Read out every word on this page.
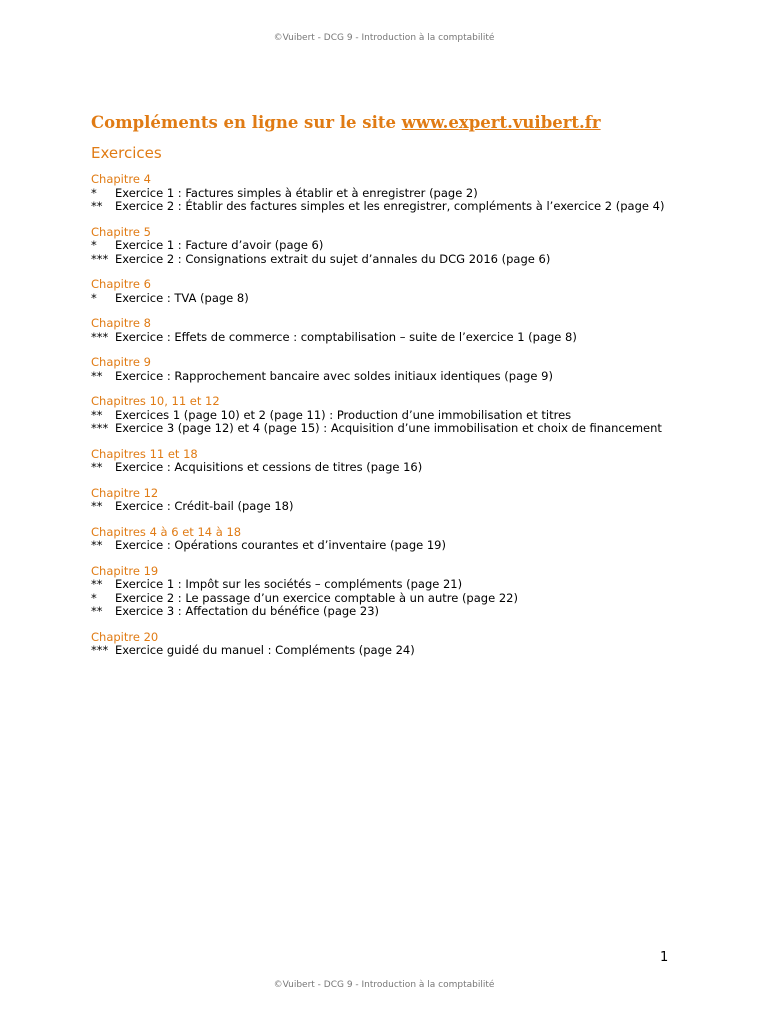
©Vuibert - DCG 9 - Introduction à la comptabilité
Compléments en ligne sur le site www.expert.vuibert.fr
Exercices
Chapitre 4
*	Exercice 1 : Factures simples à établir et à enregistrer (page 2)
**	Exercice 2 : Établir des factures simples et les enregistrer, compléments à l’exercice 2 (page 4)
Chapitre 5
*	Exercice 1 : Facture d’avoir (page 6)
*** Exercice 2 : Consignations extrait du sujet d’annales du DCG 2016 (page 6)
Chapitre 6
*	Exercice : TVA (page 8)
Chapitre 8
*** Exercice : Effets de commerce : comptabilisation – suite de l’exercice 1 (page 8)
Chapitre 9
**	Exercice : Rapprochement bancaire avec soldes initiaux identiques (page 9)
Chapitres 10, 11 et 12
**	Exercices 1 (page 10) et 2 (page 11) : Production d’une immobilisation et titres
*** Exercice 3 (page 12) et 4 (page 15) : Acquisition d’une immobilisation et choix de financement
Chapitres 11 et 18
**	Exercice : Acquisitions et cessions de titres (page 16)
Chapitre 12
**	Exercice : Crédit-bail (page 18)
Chapitres 4 à 6 et 14 à 18
**	Exercice : Opérations courantes et d’inventaire (page 19)
Chapitre 19
**	Exercice 1 : Impôt sur les sociétés – compléments (page 21)
*	Exercice 2 : Le passage d’un exercice comptable à un autre (page 22)
**	Exercice 3 : Affectation du bénéfice (page 23)
Chapitre 20
*** Exercice guidé du manuel : Compléments (page 24)
1
©Vuibert - DCG 9 - Introduction à la comptabilité
